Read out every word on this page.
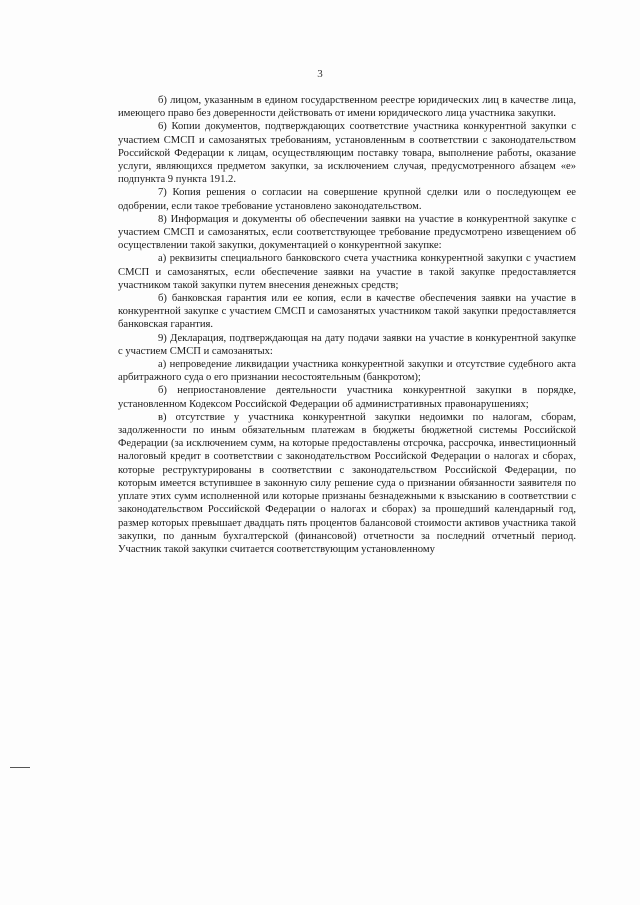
3

б) лицом, указанным в едином государственном реестре юридических лиц в качестве лица, имеющего право без доверенности действовать от имени юридического лица участника закупки.

6) Копии документов, подтверждающих соответствие участника конкурентной закупки с участием СМСП и самозанятых требованиям, установленным в соответствии с законодательством Российской Федерации к лицам, осуществляющим поставку товара, выполнение работы, оказание услуги, являющихся предметом закупки, за исключением случая, предусмотренного абзацем «е» подпункта 9 пункта 191.2.

7) Копия решения о согласии на совершение крупной сделки или о последующем ее одобрении, если такое требование установлено законодательством.

8) Информация и документы об обеспечении заявки на участие в конкурентной закупке с участием СМСП и самозанятых, если соответствующее требование предусмотрено извещением об осуществлении такой закупки, документацией о конкурентной закупке:

а) реквизиты специального банковского счета участника конкурентной закупки с участием СМСП и самозанятых, если обеспечение заявки на участие в такой закупке предоставляется участником такой закупки путем внесения денежных средств;

б) банковская гарантия или ее копия, если в качестве обеспечения заявки на участие в конкурентной закупке с участием СМСП и самозанятых участником такой закупки предоставляется банковская гарантия.

9) Декларация, подтверждающая на дату подачи заявки на участие в конкурентной закупке с участием СМСП и самозанятых:

а) непроведение ликвидации участника конкурентной закупки и отсутствие судебного акта арбитражного суда о его признании несостоятельным (банкротом);

б) неприостановление деятельности участника конкурентной закупки в порядке, установленном Кодексом Российской Федерации об административных правонарушениях;

в) отсутствие у участника конкурентной закупки недоимки по налогам, сборам, задолженности по иным обязательным платежам в бюджеты бюджетной системы Российской Федерации (за исключением сумм, на которые предоставлены отсрочка, рассрочка, инвестиционный налоговый кредит в соответствии с законодательством Российской Федерации о налогах и сборах, которые реструктурированы в соответствии с законодательством Российской Федерации, по которым имеется вступившее в законную силу решение суда о признании обязанности заявителя по уплате этих сумм исполненной или которые признаны безнадежными к взысканию в соответствии с законодательством Российской Федерации о налогах и сборах) за прошедший календарный год, размер которых превышает двадцать пять процентов балансовой стоимости активов участника такой закупки, по данным бухгалтерской (финансовой) отчетности за последний отчетный период. Участник такой закупки считается соответствующим установленному
